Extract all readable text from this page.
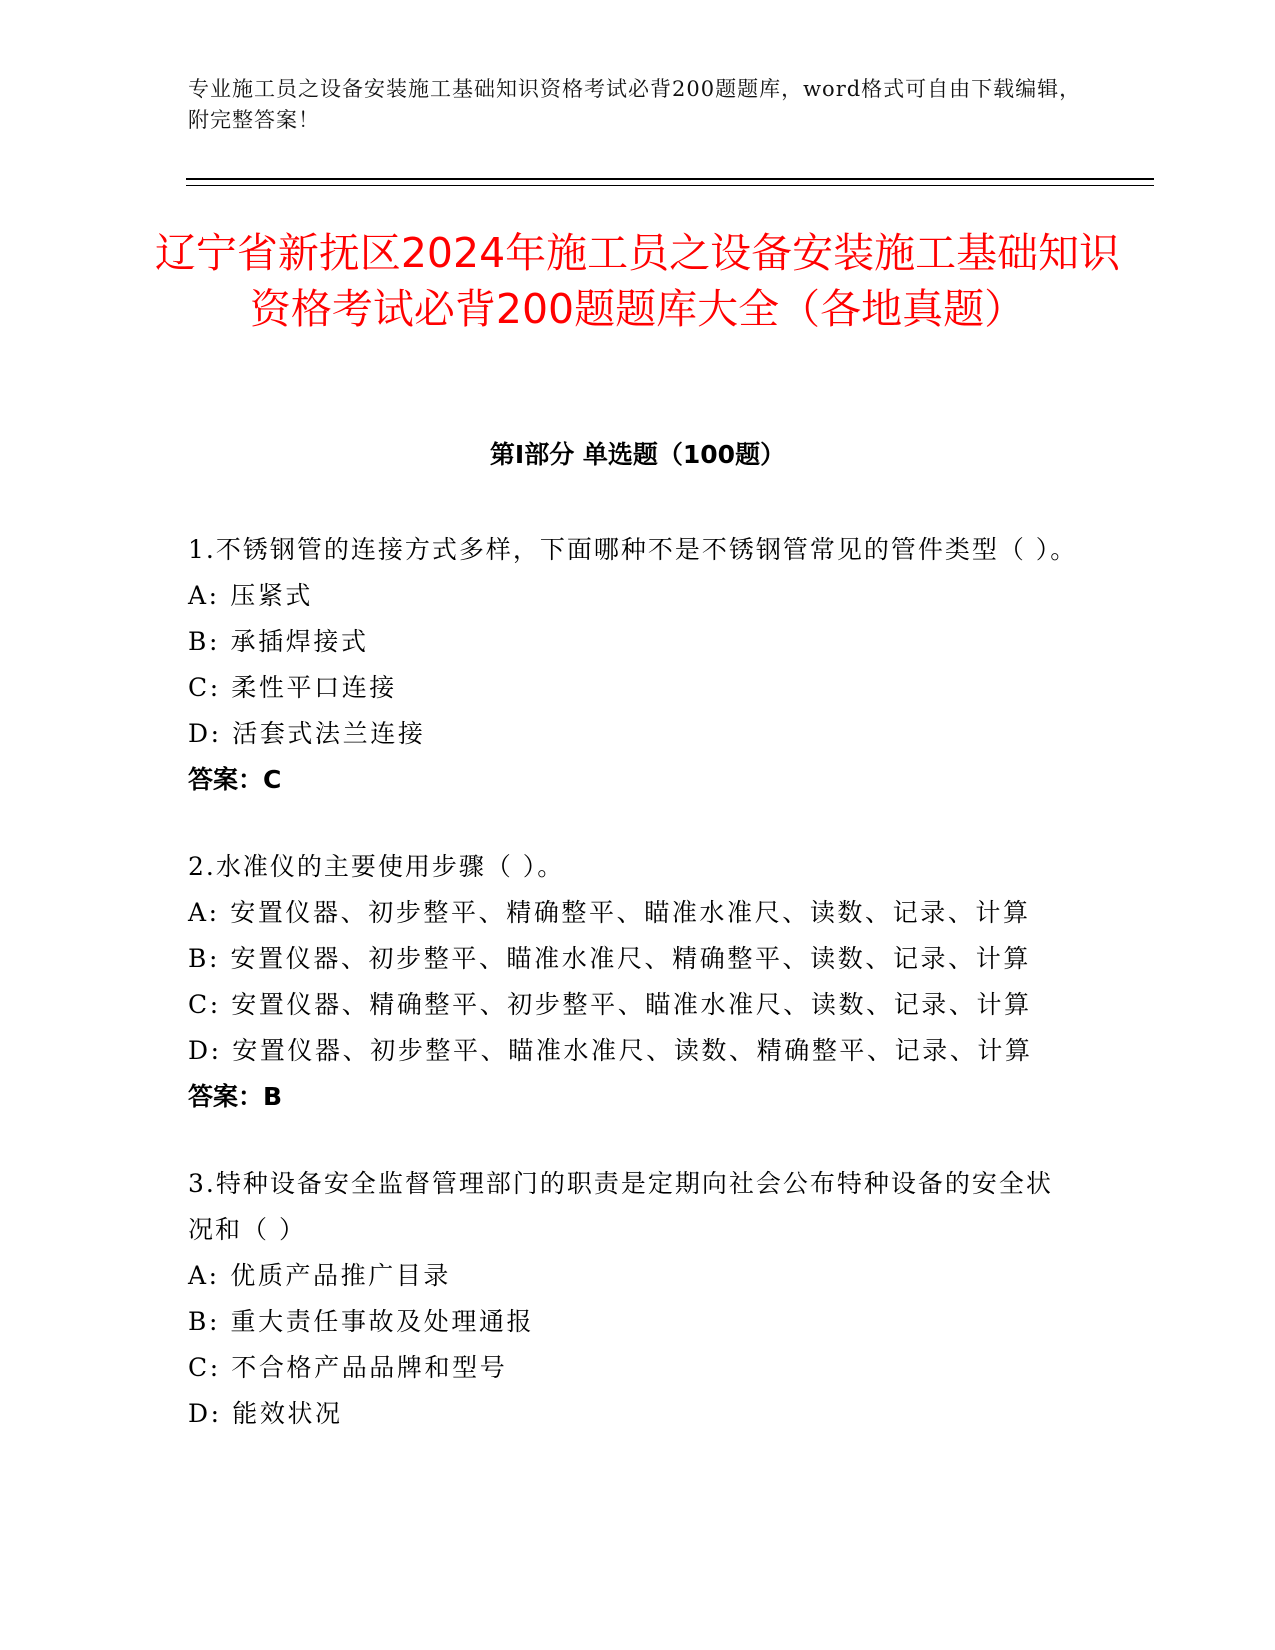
专业施工员之设备安装施工基础知识资格考试必背200题题库，word格式可自由下载编辑，附完整答案！
辽宁省新抚区2024年施工员之设备安装施工基础知识资格考试必背200题题库大全（各地真题）
第Ⅰ部分 单选题（100题）
1.不锈钢管的连接方式多样，下面哪种不是不锈钢管常见的管件类型（ ）。
A: 压紧式
B: 承插焊接式
C: 柔性平口连接
D: 活套式法兰连接
答案：C
2.水准仪的主要使用步骤（ ）。
A: 安置仪器、初步整平、精确整平、瞄准水准尺、读数、记录、计算
B: 安置仪器、初步整平、瞄准水准尺、精确整平、读数、记录、计算
C: 安置仪器、精确整平、初步整平、瞄准水准尺、读数、记录、计算
D: 安置仪器、初步整平、瞄准水准尺、读数、精确整平、记录、计算
答案：B
3.特种设备安全监督管理部门的职责是定期向社会公布特种设备的安全状况和（ ）
A: 优质产品推广目录
B: 重大责任事故及处理通报
C: 不合格产品品牌和型号
D: 能效状况
